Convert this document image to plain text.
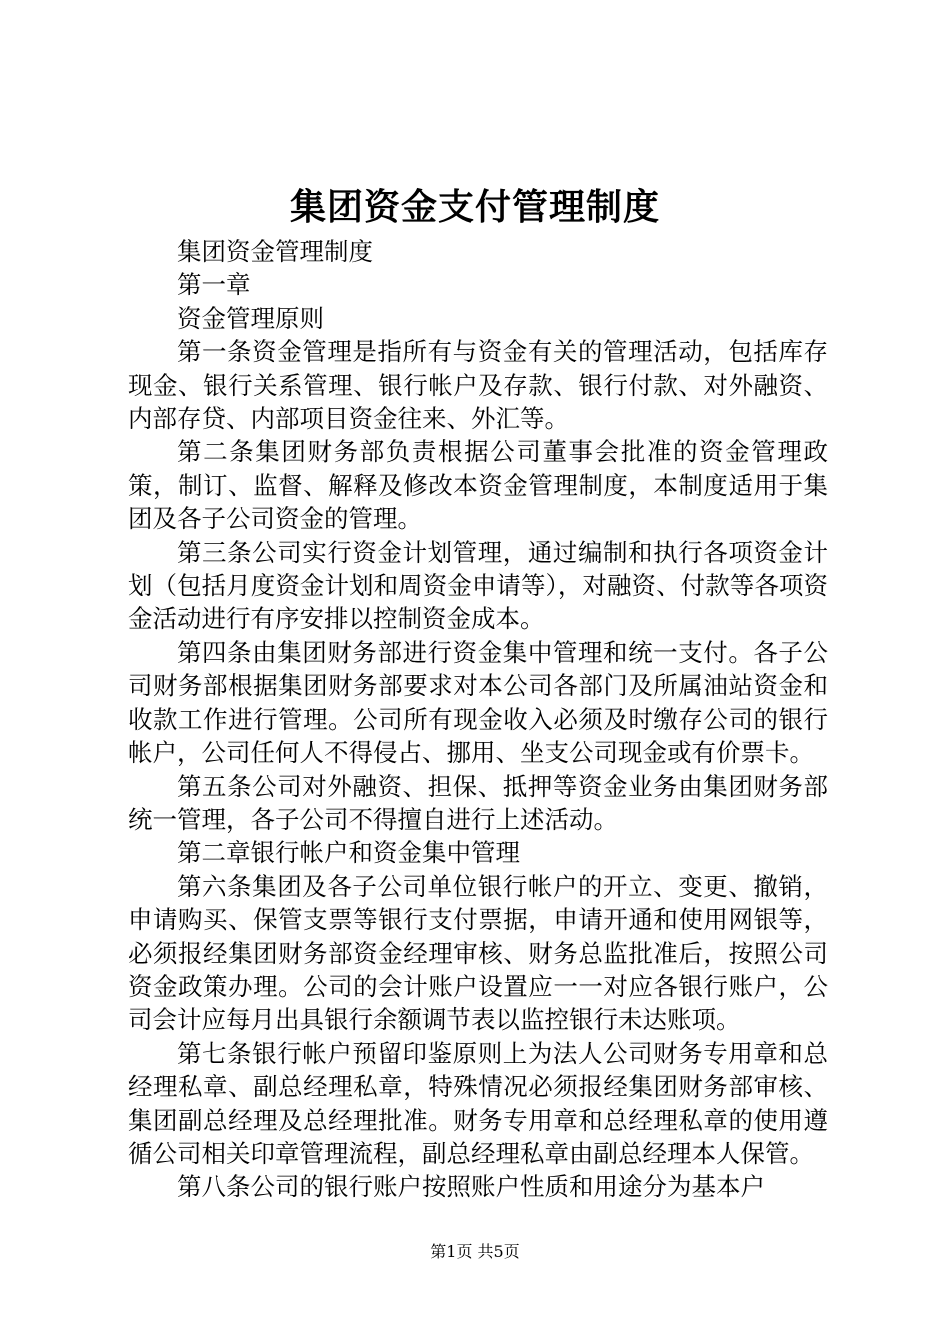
集团资金支付管理制度

集团资金管理制度

第一章

资金管理原则

第一条资金管理是指所有与资金有关的管理活动，包括库存现金、银行关系管理、银行帐户及存款、银行付款、对外融资、内部存贷、内部项目资金往来、外汇等。

第二条集团财务部负责根据公司董事会批准的资金管理政策，制订、监督、解释及修改本资金管理制度，本制度适用于集团及各子公司资金的管理。

第三条公司实行资金计划管理，通过编制和执行各项资金计划（包括月度资金计划和周资金申请等），对融资、付款等各项资金活动进行有序安排以控制资金成本。

第四条由集团财务部进行资金集中管理和统一支付。各子公司财务部根据集团财务部要求对本公司各部门及所属油站资金和收款工作进行管理。公司所有现金收入必须及时缴存公司的银行帐户，公司任何人不得侵占、挪用、坐支公司现金或有价票卡。

第五条公司对外融资、担保、抵押等资金业务由集团财务部统一管理，各子公司不得擅自进行上述活动。

第二章银行帐户和资金集中管理

第六条集团及各子公司单位银行帐户的开立、变更、撤销，申请购买、保管支票等银行支付票据，申请开通和使用网银等，必须报经集团财务部资金经理审核、财务总监批准后，按照公司资金政策办理。公司的会计账户设置应一一对应各银行账户，公司会计应每月出具银行余额调节表以监控银行未达账项。

第七条银行帐户预留印鉴原则上为法人公司财务专用章和总经理私章、副总经理私章，特殊情况必须报经集团财务部审核、集团副总经理及总经理批准。财务专用章和总经理私章的使用遵循公司相关印章管理流程，副总经理私章由副总经理本人保管。

第八条公司的银行账户按照账户性质和用途分为基本户

第1页 共5页
